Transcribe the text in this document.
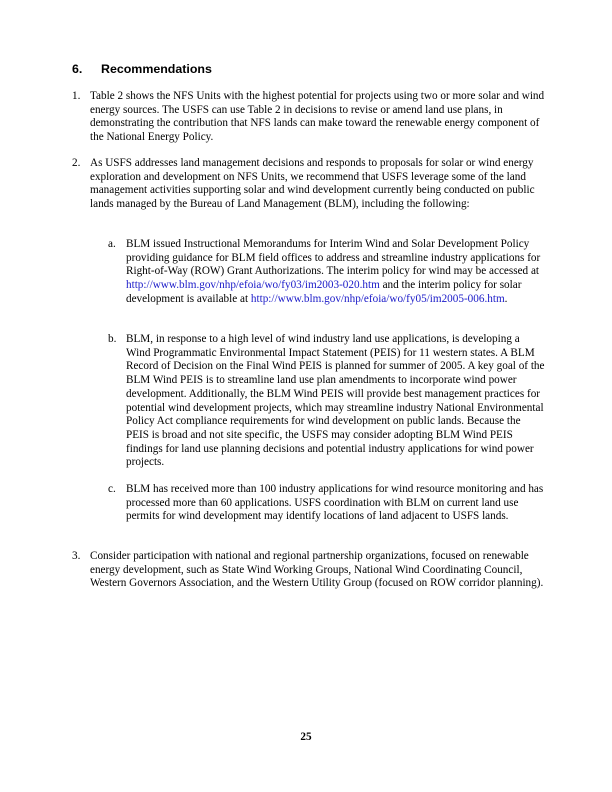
6. Recommendations
1. Table 2 shows the NFS Units with the highest potential for projects using two or more solar and wind energy sources. The USFS can use Table 2 in decisions to revise or amend land use plans, in demonstrating the contribution that NFS lands can make toward the renewable energy component of the National Energy Policy.

2. As USFS addresses land management decisions and responds to proposals for solar or wind energy exploration and development on NFS Units, we recommend that USFS leverage some of the land management activities supporting solar and wind development currently being conducted on public lands managed by the Bureau of Land Management (BLM), including the following:

a. BLM issued Instructional Memorandums for Interim Wind and Solar Development Policy providing guidance for BLM field offices to address and streamline industry applications for Right-of-Way (ROW) Grant Authorizations. The interim policy for wind may be accessed at http://www.blm.gov/nhp/efoia/wo/fy03/im2003-020.htm and the interim policy for solar development is available at http://www.blm.gov/nhp/efoia/wo/fy05/im2005-006.htm.

b. BLM, in response to a high level of wind industry land use applications, is developing a Wind Programmatic Environmental Impact Statement (PEIS) for 11 western states. A BLM Record of Decision on the Final Wind PEIS is planned for summer of 2005. A key goal of the BLM Wind PEIS is to streamline land use plan amendments to incorporate wind power development. Additionally, the BLM Wind PEIS will provide best management practices for potential wind development projects, which may streamline industry National Environmental Policy Act compliance requirements for wind development on public lands. Because the PEIS is broad and not site specific, the USFS may consider adopting BLM Wind PEIS findings for land use planning decisions and potential industry applications for wind power projects.

c. BLM has received more than 100 industry applications for wind resource monitoring and has processed more than 60 applications. USFS coordination with BLM on current land use permits for wind development may identify locations of land adjacent to USFS lands.

3. Consider participation with national and regional partnership organizations, focused on renewable energy development, such as State Wind Working Groups, National Wind Coordinating Council, Western Governors Association, and the Western Utility Group (focused on ROW corridor planning).

25
